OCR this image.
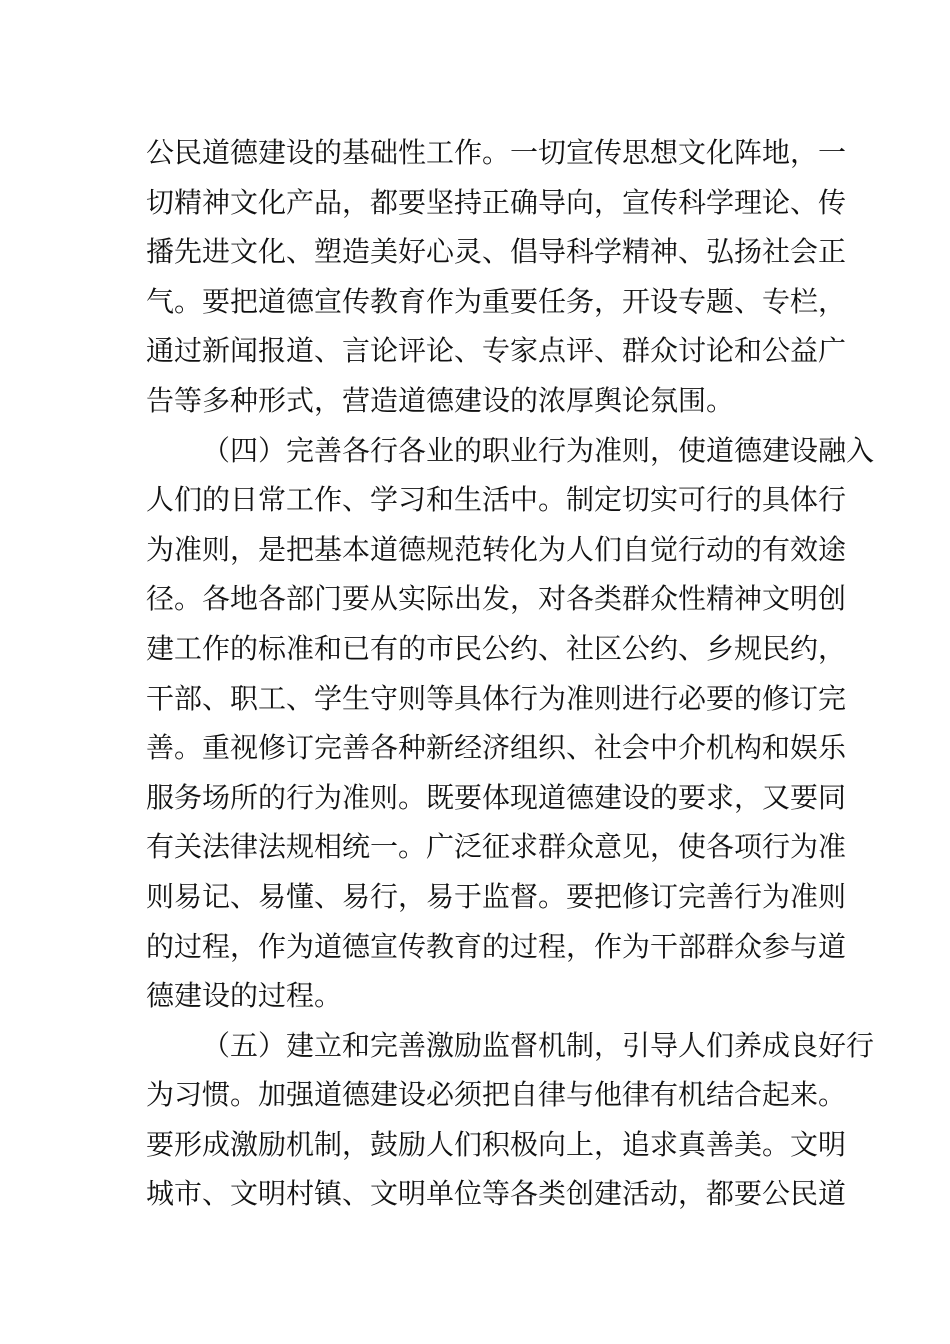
公民道德建设的基础性工作。一切宣传思想文化阵地，一
切精神文化产品，都要坚持正确导向，宣传科学理论、传
播先进文化、塑造美好心灵、倡导科学精神、弘扬社会正
气。要把道德宣传教育作为重要任务，开设专题、专栏，
通过新闻报道、言论评论、专家点评、群众讨论和公益广
告等多种形式，营造道德建设的浓厚舆论氛围。
（四）完善各行各业的职业行为准则，使道德建设融入
人们的日常工作、学习和生活中。制定切实可行的具体行
为准则，是把基本道德规范转化为人们自觉行动的有效途
径。各地各部门要从实际出发，对各类群众性精神文明创
建工作的标准和已有的市民公约、社区公约、乡规民约，
干部、职工、学生守则等具体行为准则进行必要的修订完
善。重视修订完善各种新经济组织、社会中介机构和娱乐
服务场所的行为准则。既要体现道德建设的要求，又要同
有关法律法规相统一。广泛征求群众意见，使各项行为准
则易记、易懂、易行，易于监督。要把修订完善行为准则
的过程，作为道德宣传教育的过程，作为干部群众参与道
德建设的过程。
（五）建立和完善激励监督机制，引导人们养成良好行
为习惯。加强道德建设必须把自律与他律有机结合起来。
要形成激励机制，鼓励人们积极向上，追求真善美。文明
城市、文明村镇、文明单位等各类创建活动，都要公民道
